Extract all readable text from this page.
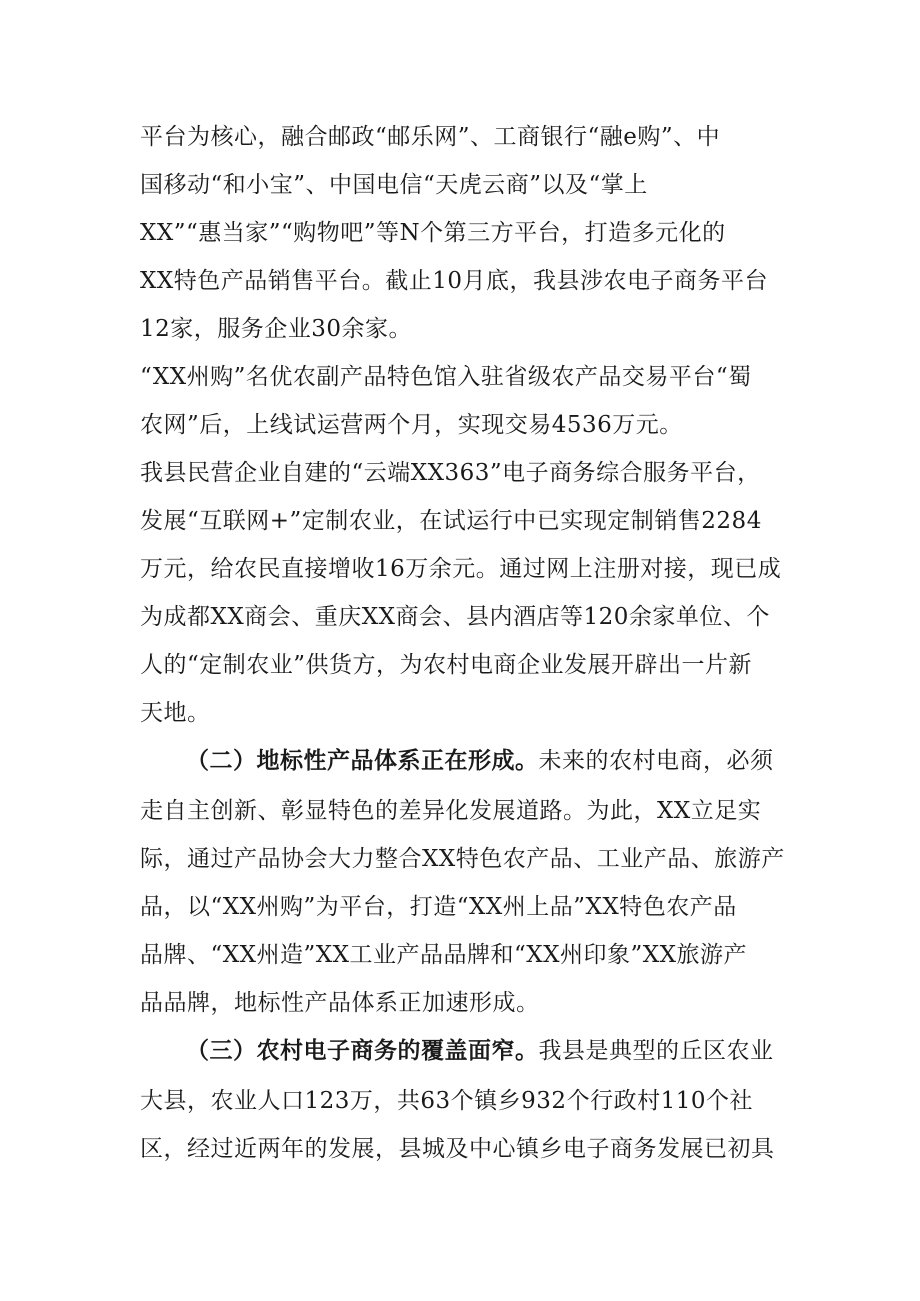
平台为核心，融合邮政“邮乐网”、工商银行“融e购”、中
国移动“和小宝”、中国电信“天虎云商”以及“掌上
XX”“惠当家”“购物吧”等N个第三方平台，打造多元化的
XX特色产品销售平台。截止10月底，我县涉农电子商务平台
12家，服务企业30余家。
“XX州购”名优农副产品特色馆入驻省级农产品交易平台“蜀
农网”后，上线试运营两个月，实现交易4536万元。
我县民营企业自建的“云端XX363”电子商务综合服务平台，
发展“互联网+”定制农业，在试运行中已实现定制销售2284
万元，给农民直接增收16万余元。通过网上注册对接，现已成
为成都XX商会、重庆XX商会、县内酒店等120余家单位、个
人的“定制农业”供货方，为农村电商企业发展开辟出一片新
天地。
（二）地标性产品体系正在形成。未来的农村电商，必须
走自主创新、彰显特色的差异化发展道路。为此，XX立足实
际，通过产品协会大力整合XX特色农产品、工业产品、旅游产
品，以“XX州购”为平台，打造“XX州上品”XX特色农产品
品牌、“XX州造”XX工业产品品牌和“XX州印象”XX旅游产
品品牌，地标性产品体系正加速形成。
（三）农村电子商务的覆盖面窄。我县是典型的丘区农业
大县，农业人口123万，共63个镇乡932个行政村110个社
区，经过近两年的发展，县城及中心镇乡电子商务发展已初具
